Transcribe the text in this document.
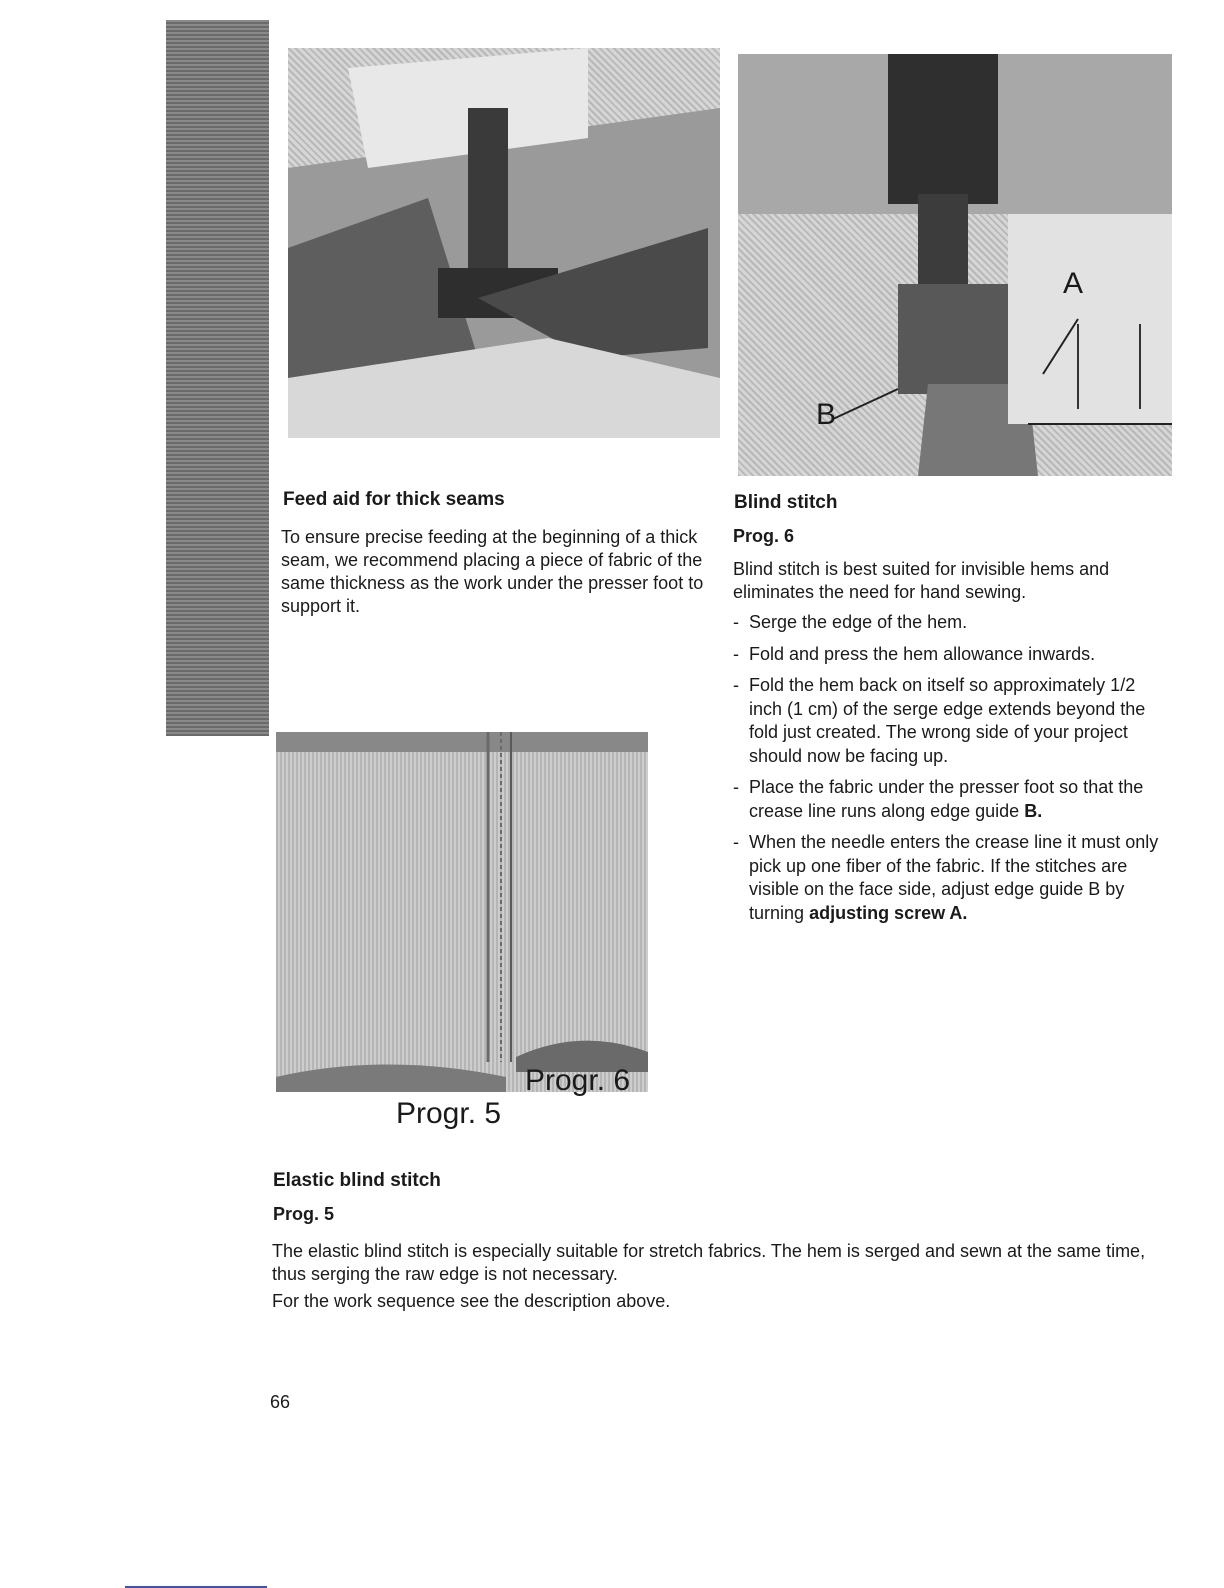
A
B
Feed aid for thick seams

To ensure precise feeding at the beginning of a thick seam, we recommend placing a piece of fabric of the same thickness as the work under the presser foot to support it.

Blind stitch
Prog. 6

Blind stitch is best suited for invisible hems and eliminates the need for hand sewing.

- Serge the edge of the hem.
- Fold and press the hem allowance inwards.
- Fold the hem back on itself so approximately 1/2 inch (1 cm) of the serge edge extends beyond the fold just created. The wrong side of your project should now be facing up.
- Place the fabric under the presser foot so that the crease line runs along edge guide B.
- When the needle enters the crease line it must only pick up one fiber of the fabric. If the stitches are visible on the face side, adjust edge guide B by turning adjusting screw A.
Progr. 6
Progr. 5
Elastic blind stitch
Prog. 5

The elastic blind stitch is especially suitable for stretch fabrics. The hem is serged and sewn at the same time, thus serging the raw edge is not necessary.

For the work sequence see the description above.

66
